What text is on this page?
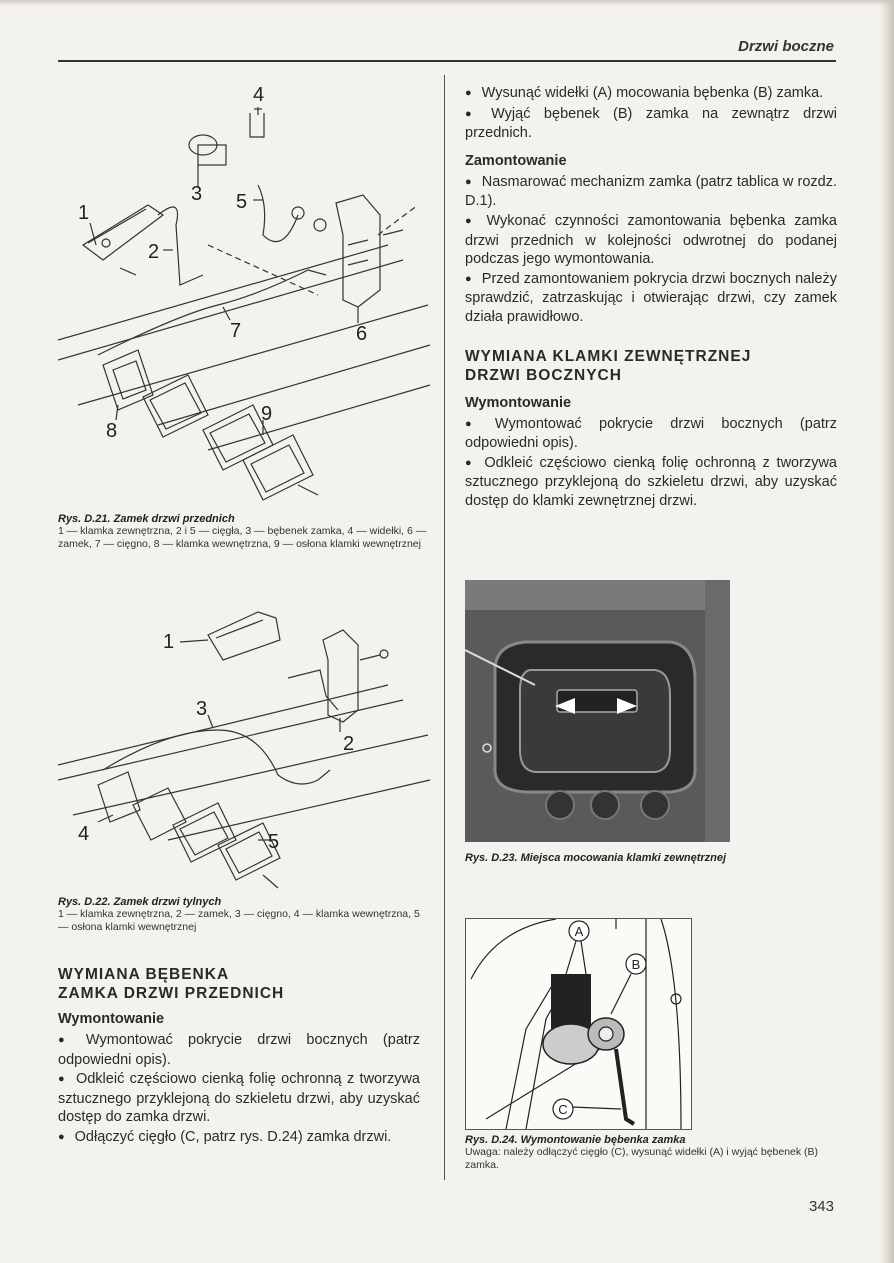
Drzwi boczne
1
2
3
4
5
6
7
8
9

Rys. D.21. Zamek drzwi przednich

1 — klamka zewnętrzna, 2 i 5 — cięgła, 3 — bębenek zamka, 4 — widełki, 6 — zamek, 7 — cięgno, 8 — klamka wewnętrzna, 9 — osłona klamki wewnętrznej

1
2
3
4	5

Rys. D.22. Zamek drzwi tylnych

1 — klamka zewnętrzna, 2 — zamek, 3 — cięgno, 4 — klamka wewnętrzna, 5 — osłona klamki wewnętrznej

WYMIANA BĘBENKA
ZAMKA DRZWI PRZEDNICH
Wymontowanie

● Wymontować pokrycie drzwi bocznych (patrz odpowiedni opis).

● Odkleić częściowo cienką folię ochronną z tworzywa sztucznego przyklejoną do szkieletu drzwi, aby uzyskać dostęp do zamka drzwi.

● Odłączyć cięgło (C, patrz rys. D.24) zamka drzwi.

● Wysunąć widełki (A) mocowania bębenka (B) zamka.

● Wyjąć bębenek (B) zamka na zewnątrz drzwi przednich.

Zamontowanie

● Nasmarować mechanizm zamka (patrz tablica w rozdz. D.1).

● Wykonać czynności zamontowania bębenka zamka drzwi przednich w kolejności odwrotnej do podanej podczas jego wymontowania.

● Przed zamontowaniem pokrycia drzwi bocznych należy sprawdzić, zatrzaskując i otwierając drzwi, czy zamek działa prawidłowo.

WYMIANA KLAMKI ZEWNĘTRZNEJ
DRZWI BOCZNYCH
Wymontowanie

● Wymontować pokrycie drzwi bocznych (patrz odpowiedni opis).

● Odkleić częściowo cienką folię ochronną z tworzywa sztucznego przyklejoną do szkieletu drzwi, aby uzyskać dostęp do klamki zewnętrznej drzwi.

Rys. D.23. Miejsca mocowania klamki zewnętrznej

A
B
C

Rys. D.24. Wymontowanie bębenka zamka

Uwaga: należy odłączyć cięgło (C), wysunąć widełki (A) i wyjąć bębenek (B) zamka.

343
